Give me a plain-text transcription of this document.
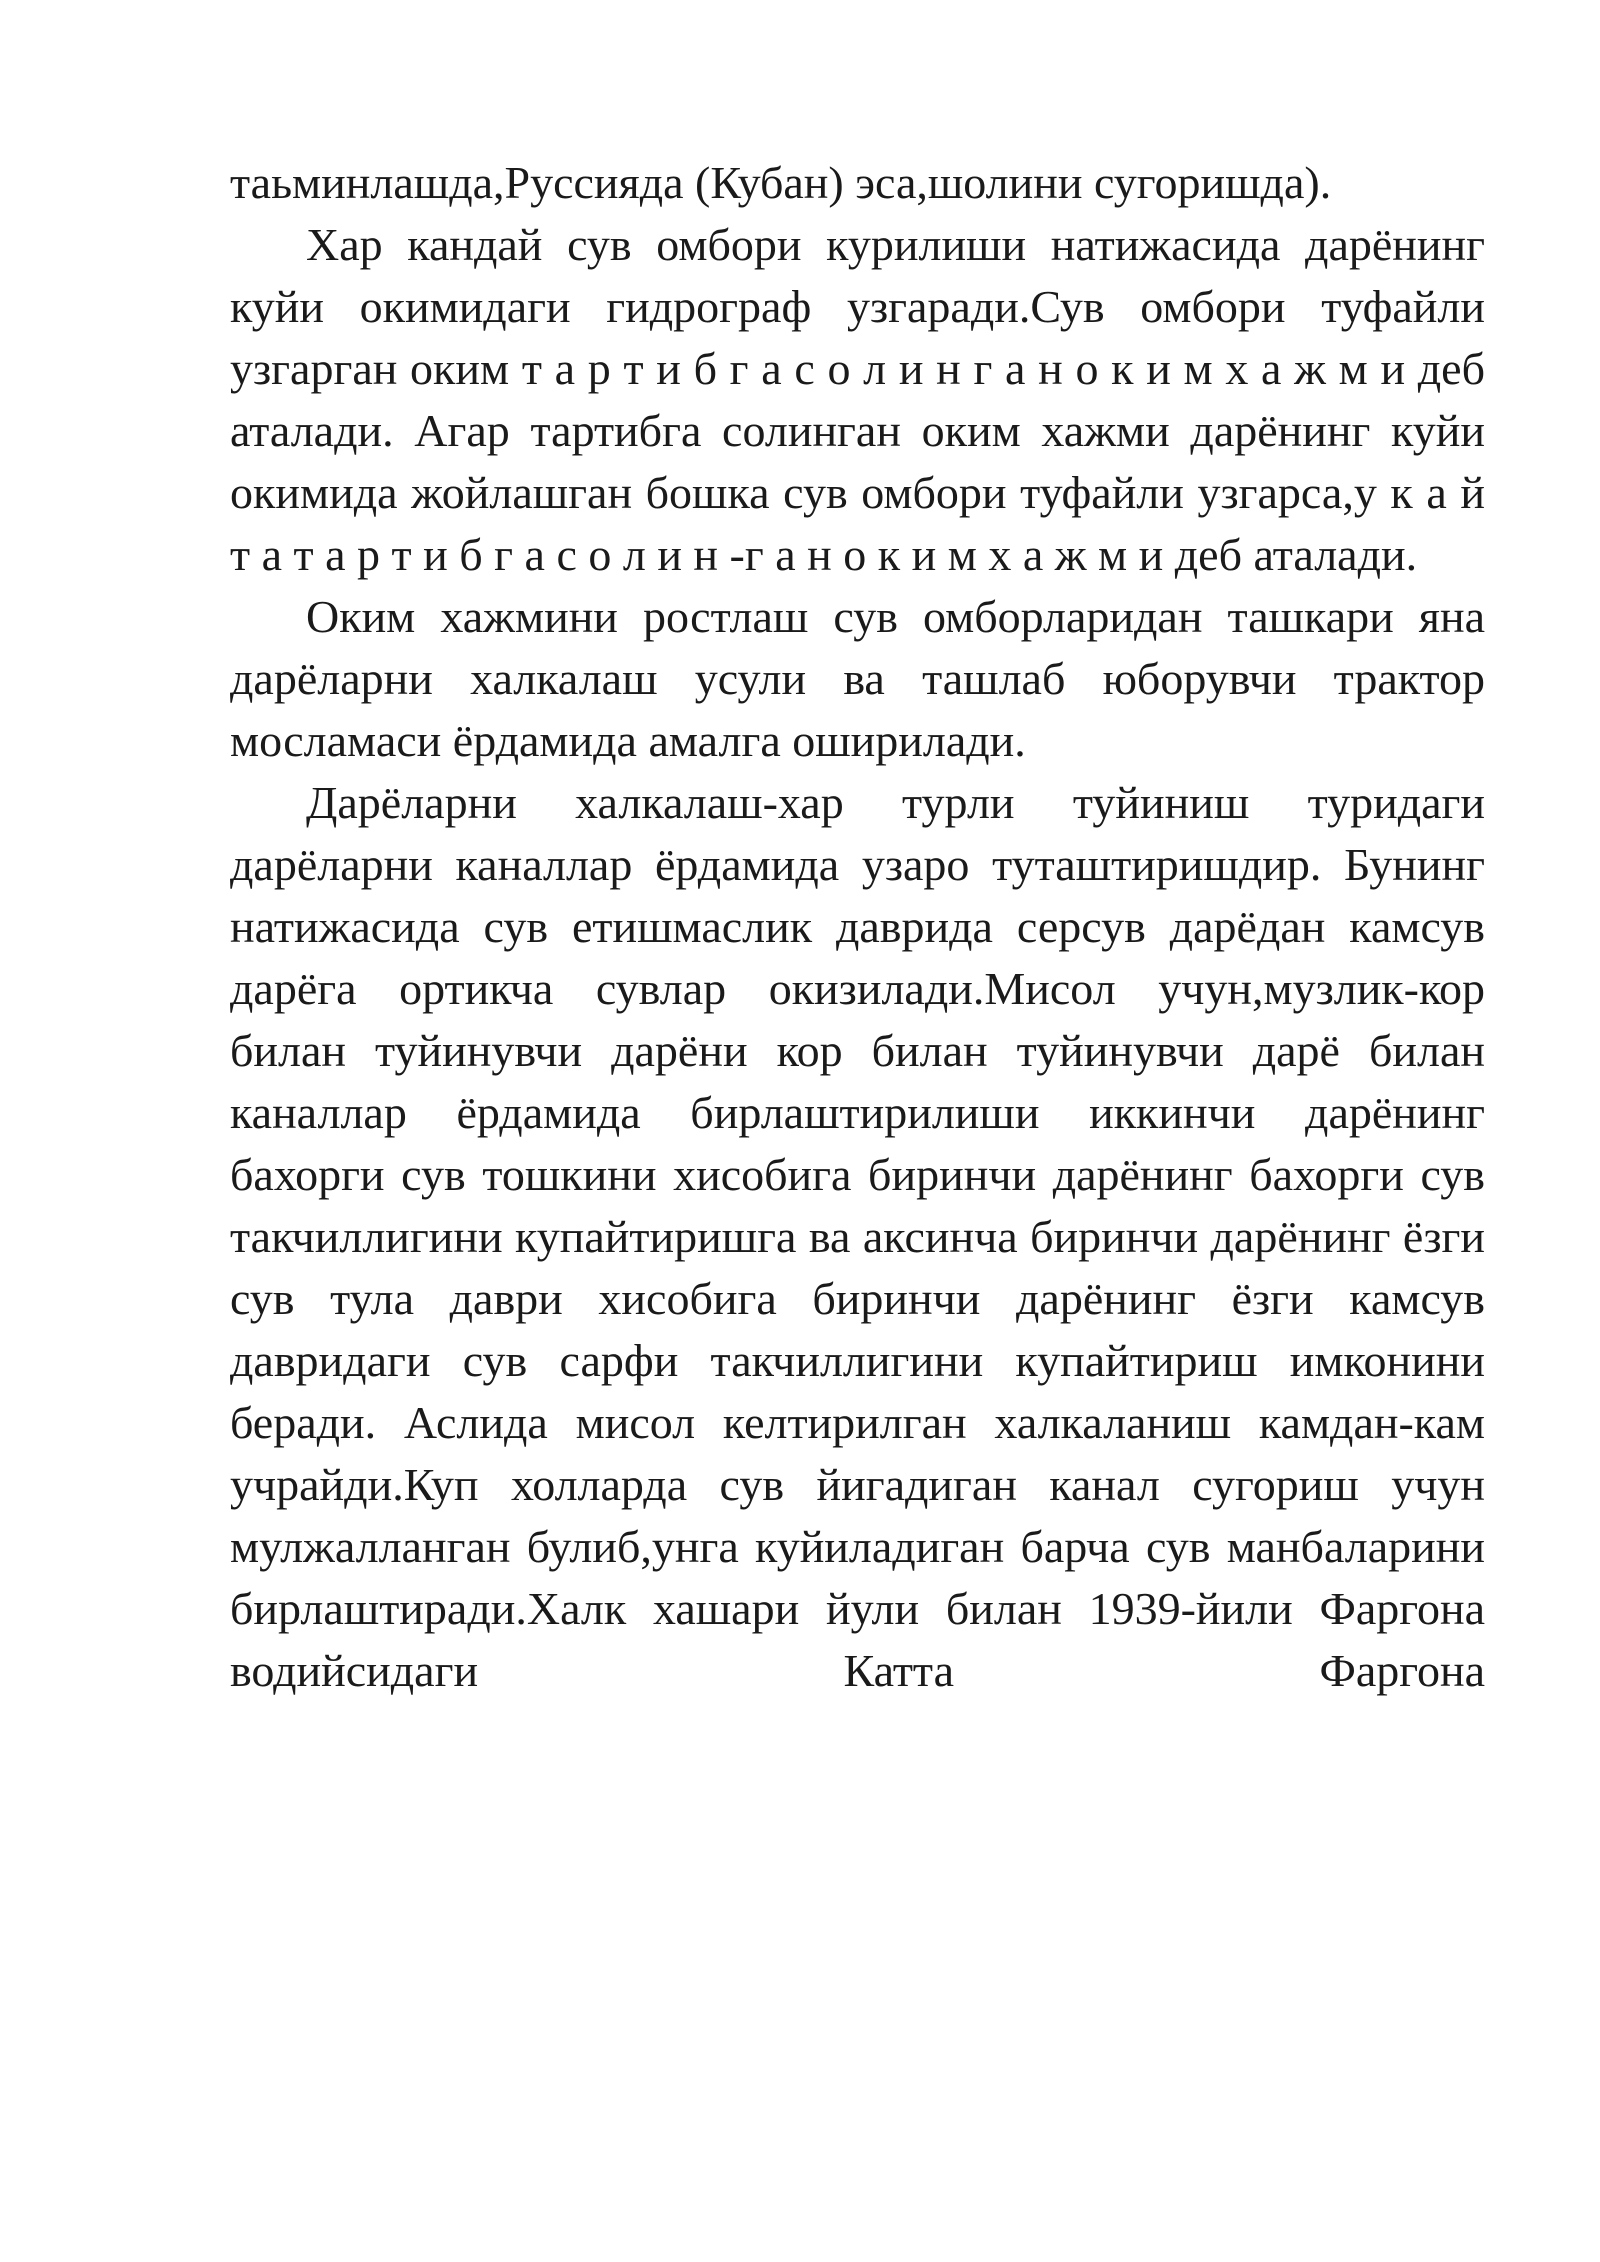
таьминлашда,Руссияда (Кубан) эса,шолини сугоришда).

Хар кандай сув омбори курилиши натижасида дарёнинг куйи окимидаги гидрограф узгаради.Сув омбори туфайли узгарган оким т а р т и б г а с о л и н г а н о к и м х а ж м и деб аталади. Агар тартибга солинган оким хажми дарёнинг куйи окимида жойлашган бошка сув омбори туфайли узгарса,у к а й т а т а р т и б г а с о л и н -г а н о к и м х а ж м и деб аталади.

Оким хажмини ростлаш сув омборларидан ташкари яна дарёларни халкалаш усули ва ташлаб юборувчи трактор мосламаси ёрдамида амалга оширилади.

Дарёларни халкалаш-хар турли туйиниш туридаги дарёларни каналлар ёрдамида узаро туташтиришдир. Бунинг натижасида сув етишмаслик даврида серсув дарёдан камсув дарёга ортикча сувлар окизилади.Мисол учун,музлик-кор билан туйинувчи дарёни кор билан туйинувчи дарё билан каналлар ёрдамида бирлаштирилиши иккинчи дарёнинг бахорги сув тошкини хисобига биринчи дарёнинг бахорги сув такчиллигини купайтиришга ва аксинча биринчи дарёнинг ёзги сув тула даври хисобига биринчи дарёнинг ёзги камсув давридаги сув сарфи такчиллигини купайтириш имконини беради. Аслида мисол келтирилган халкаланиш камдан-кам учрайди.Куп холларда сув йигадиган канал сугориш учун мулжалланган булиб,унга куйиладиган барча сув манбаларини бирлаштиради.Халк хашари йули билан 1939-йили Фаргона водийсидаги Катта Фаргона
